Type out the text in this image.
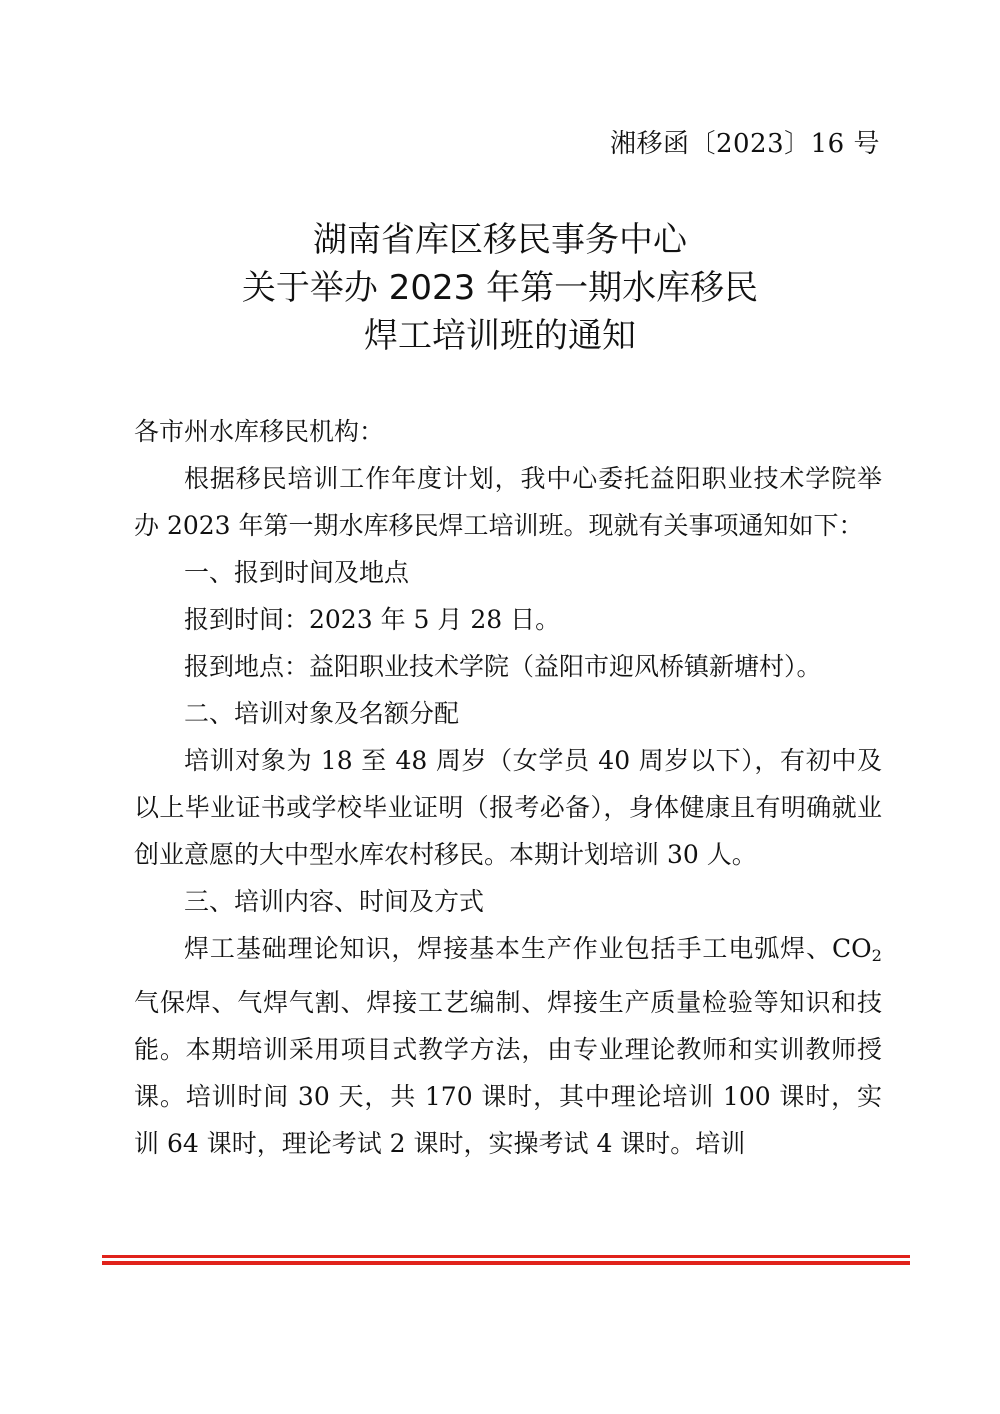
湘移函〔2023〕16 号
湖南省库区移民事务中心
关于举办 2023 年第一期水库移民
焊工培训班的通知

各市州水库移民机构：

根据移民培训工作年度计划，我中心委托益阳职业技术学院举办 2023 年第一期水库移民焊工培训班。现就有关事项通知如下：

一、报到时间及地点

报到时间：2023 年 5 月 28 日。

报到地点：益阳职业技术学院（益阳市迎风桥镇新塘村）。

二、培训对象及名额分配

培训对象为 18 至 48 周岁（女学员 40 周岁以下），有初中及以上毕业证书或学校毕业证明（报考必备），身体健康且有明确就业创业意愿的大中型水库农村移民。本期计划培训 30 人。

三、培训内容、时间及方式

焊工基础理论知识，焊接基本生产作业包括手工电弧焊、$CO_2$气保焊、气焊气割、焊接工艺编制、焊接生产质量检验等知识和技能。本期培训采用项目式教学方法，由专业理论教师和实训教师授课。培训时间 30 天，共 170 课时，其中理论培训 100 课时，实训 64 课时，理论考试 2 课时，实操考试 4 课时。培训
